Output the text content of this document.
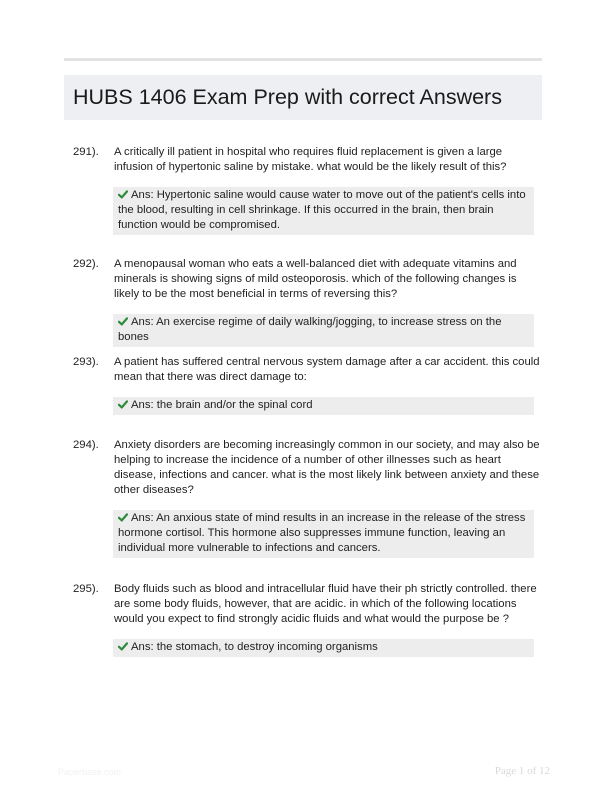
HUBS 1406 Exam Prep with correct Answers
291).	A critically ill patient in hospital who requires fluid replacement is given a large infusion of hypertonic saline by mistake. what would be the likely result of this?
Ans: Hypertonic saline would cause water to move out of the patient's cells into the blood, resulting in cell shrinkage. If this occurred in the brain, then brain function would be compromised.
292).	A menopausal woman who eats a well-balanced diet with adequate vitamins and minerals is showing signs of mild osteoporosis. which of the following changes is likely to be the most beneficial in terms of reversing this?
Ans: An exercise regime of daily walking/jogging, to increase stress on the bones
293).	A patient has suffered central nervous system damage after a car accident. this could mean that there was direct damage to:
Ans: the brain and/or the spinal cord
294).	Anxiety disorders are becoming increasingly common in our society, and may also be helping to increase the incidence of a number of other illnesses such as heart disease, infections and cancer. what is the most likely link between anxiety and these other diseases?
Ans: An anxious state of mind results in an increase in the release of the stress hormone cortisol. This hormone also suppresses immune function, leaving an individual more vulnerable to infections and cancers.
295).	Body fluids such as blood and intracellular fluid have their ph strictly controlled. there are some body fluids, however, that are acidic. in which of the following locations would you expect to find strongly acidic fluids and what would the purpose be ?
Ans: the stomach, to destroy incoming organisms
Paperbase.com	Page 1 of 12
